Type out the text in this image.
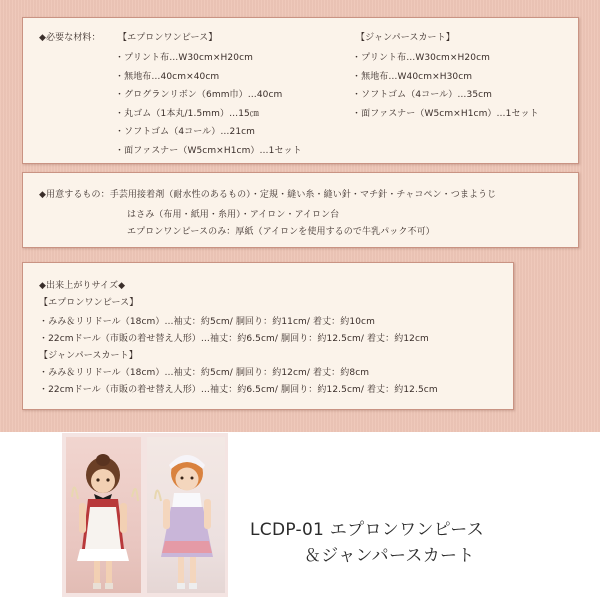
◆必要な材料： 【エプロンワンピース】
・プリント布…W30cm×H20cm
・無地布…40cm×40cm
・グログランリボン（6mm巾）…40cm
・丸ゴム（1本丸/1.5mm）…15㎝
・ソフトゴム（4コール）…21cm
・面ファスナー（W5cm×H1cm）…1セット
【ジャンパースカート】
・プリント布…W30cm×H20cm
・無地布…W40cm×H30cm
・ソフトゴム（4コール）…35cm
・面ファスナー（W5cm×H1cm）…1セット
◆用意するもの：手芸用接着剤（耐水性のあるもの）・定規・縫い糸・縫い針・マチ針・チャコペン・つまようじ
はさみ（布用・紙用・糸用）・アイロン・アイロン台
エプロンワンピースのみ：厚紙（アイロンを使用するので牛乳パック不可）
◆出来上がりサイズ◆
【エプロンワンピース】
・みみ＆リリドール（18cm）…袖丈：約5cm/ 胴回り：約11cm/ 着丈：約10cm
・22cmドール（市販の着せ替え人形）…袖丈：約6.5cm/ 胴回り：約12.5cm/ 着丈：約12cm
【ジャンパースカート】
・みみ＆リリドール（18cm）…袖丈：約5cm/ 胴回り：約12cm/ 着丈：約8cm
・22cmドール（市販の着せ替え人形）…袖丈：約6.5cm/ 胴回り：約12.5cm/ 着丈：約12.5cm
LCDP-01 エプロンワンピース
＆ジャンパースカート
